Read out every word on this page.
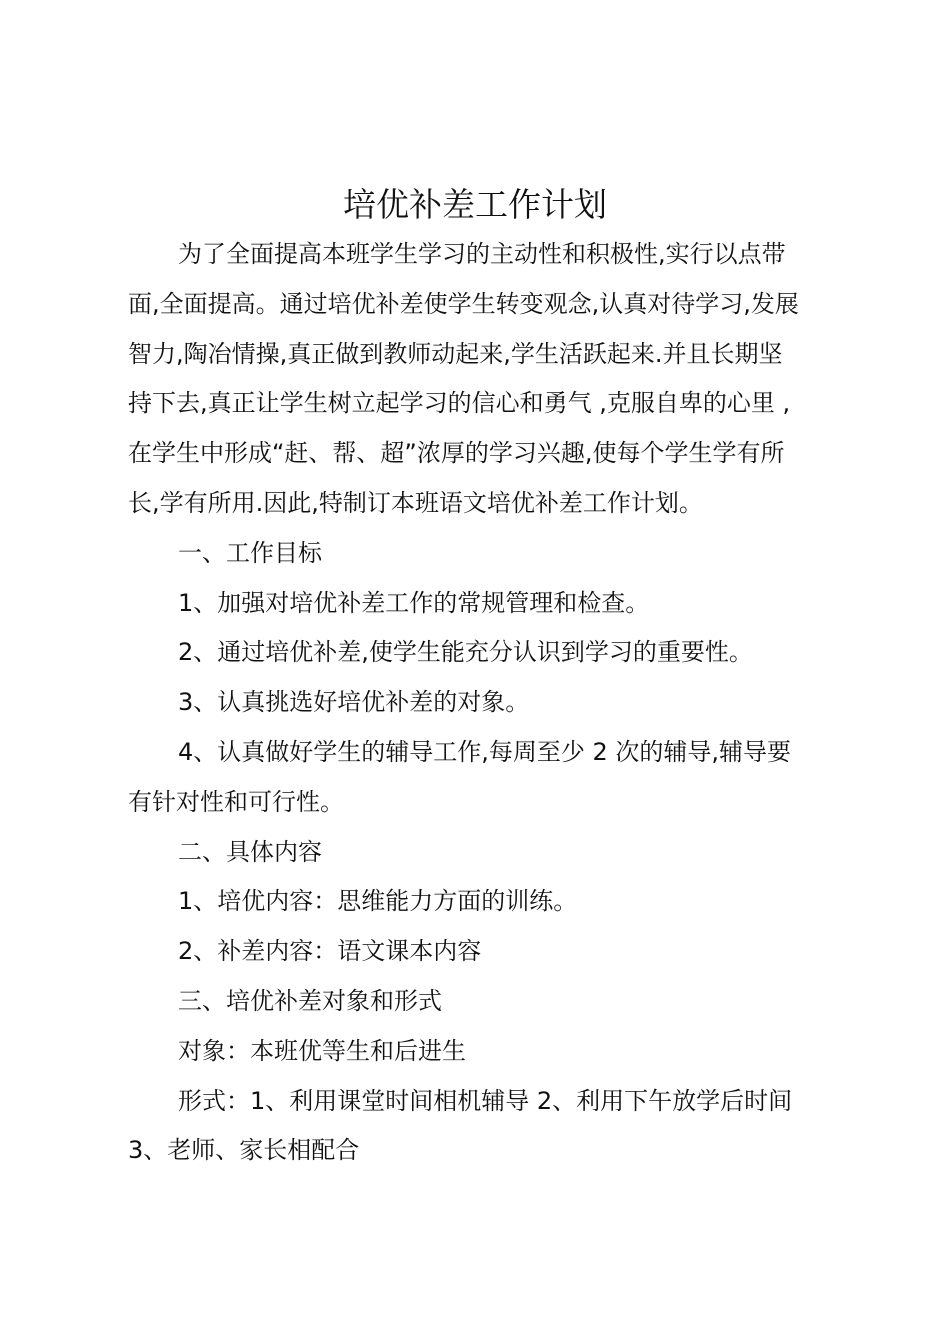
培优补差工作计划
为了全面提高本班学生学习的主动性和积极性,实行以点带
面,全面提高。通过培优补差使学生转变观念,认真对待学习,发展
智力,陶冶情操,真正做到教师动起来,学生活跃起来.并且长期坚
持下去,真正让学生树立起学习的信心和勇气 ,克服自卑的心里 ,
在学生中形成“赶、帮、超”浓厚的学习兴趣,使每个学生学有所
长,学有所用.因此,特制订本班语文培优补差工作计划。
一、工作目标
1、加强对培优补差工作的常规管理和检查。
2、通过培优补差,使学生能充分认识到学习的重要性。
3、认真挑选好培优补差的对象。
4、认真做好学生的辅导工作,每周至少 2 次的辅导,辅导要
有针对性和可行性。
二、具体内容
1、培优内容：思维能力方面的训练。
2、补差内容：语文课本内容
三、培优补差对象和形式
对象：本班优等生和后进生
形式：1、利用课堂时间相机辅导 2、利用下午放学后时间
3、老师、家长相配合
